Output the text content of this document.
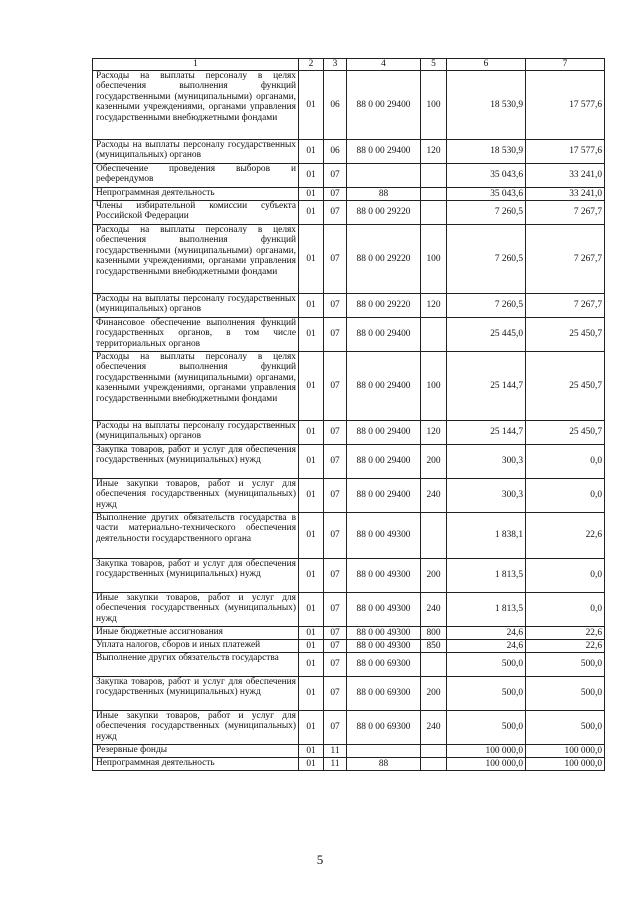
1	2	3	4	5	6	7
Расходы на выплаты персоналу в целях обеспечения выполнения функций государственными (муниципальными) органами, казенными учреждениями, органами управления государственными внебюджетными фондами	01	06	88 0 00 29400	100	18 530,9	17 577,6
Расходы на выплаты персоналу государственных (муниципальных) органов	01	06	88 0 00 29400	120	18 530,9	17 577,6
Обеспечение проведения выборов и референдумов	01	07			35 043,6	33 241,0
Непрограммная деятельность	01	07	88		35 043,6	33 241,0
Члены избирательной комиссии субъекта Российской Федерации	01	07	88 0 00 29220		7 260,5	7 267,7
Расходы на выплаты персоналу в целях обеспечения выполнения функций государственными (муниципальными) органами, казенными учреждениями, органами управления государственными внебюджетными фондами	01	07	88 0 00 29220	100	7 260,5	7 267,7
Расходы на выплаты персоналу государственных (муниципальных) органов	01	07	88 0 00 29220	120	7 260,5	7 267,7
Финансовое обеспечение выполнения функций государственных органов, в том числе территориальных органов	01	07	88 0 00 29400		25 445,0	25 450,7
Расходы на выплаты персоналу в целях обеспечения выполнения функций государственными (муниципальными) органами, казенными учреждениями, органами управления государственными внебюджетными фондами	01	07	88 0 00 29400	100	25 144,7	25 450,7
Расходы на выплаты персоналу государственных (муниципальных) органов	01	07	88 0 00 29400	120	25 144,7	25 450,7
Закупка товаров, работ и услуг для обеспечения государственных (муниципальных) нужд	01	07	88 0 00 29400	200	300,3	0,0
Иные закупки товаров, работ и услуг для обеспечения государственных (муниципальных) нужд	01	07	88 0 00 29400	240	300,3	0,0
Выполнение других обязательств государства в части материально-технического обеспечения деятельности государственного органа	01	07	88 0 00 49300		1 838,1	22,6
Закупка товаров, работ и услуг для обеспечения государственных (муниципальных) нужд	01	07	88 0 00 49300	200	1 813,5	0,0
Иные закупки товаров, работ и услуг для обеспечения государственных (муниципальных) нужд	01	07	88 0 00 49300	240	1 813,5	0,0
Иные бюджетные ассигнования	01	07	88 0 00 49300	800	24,6	22,6
Уплата налогов, сборов и иных платежей	01	07	88 0 00 49300	850	24,6	22,6
Выполнение других обязательств государства	01	07	88 0 00 69300		500,0	500,0
Закупка товаров, работ и услуг для обеспечения государственных (муниципальных) нужд	01	07	88 0 00 69300	200	500,0	500,0
Иные закупки товаров, работ и услуг для обеспечения государственных (муниципальных) нужд	01	07	88 0 00 69300	240	500,0	500,0
Резервные фонды	01	11			100 000,0	100 000,0
Непрограммная деятельность	01	11	88		100 000,0	100 000,0
5
